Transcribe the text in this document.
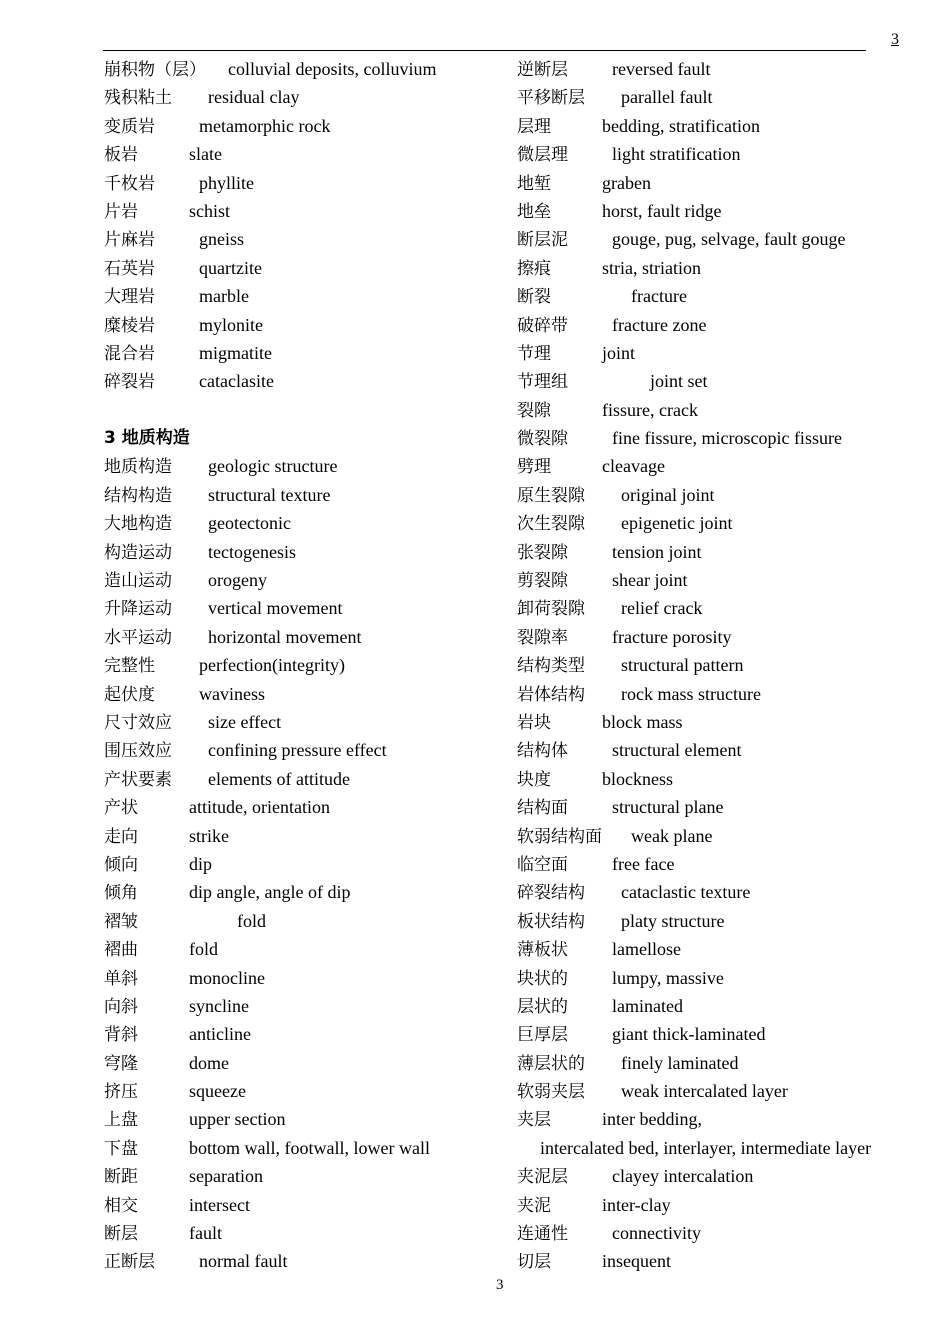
3
崩积物（层） colluvial deposits, colluvium
残积粘土 residual clay
变质岩 metamorphic rock
板岩	slate
千枚岩 phyllite
片岩	schist
片麻岩 gneiss
石英岩 quartzite
大理岩 marble
糜棱岩 mylonite
混合岩 migmatite
碎裂岩 cataclasite
3 地质构造
地质构造 geologic structure
结构构造 structural texture
大地构造 geotectonic
构造运动 tectogenesis
造山运动 orogeny
升降运动 vertical movement
水平运动 horizontal movement
完整性 perfection(integrity)
起伏度 waviness
尺寸效应 size effect
围压效应 confining pressure effect
产状要素 elements of attitude
产状	attitude, orientation
走向	strike
倾向	dip
倾角	dip angle, angle of dip
褶皱	fold
褶曲	fold
单斜	monocline
向斜	syncline
背斜	anticline
穹隆	dome
挤压	squeeze
上盘	upper section
下盘	bottom wall, footwall, lower wall
断距	separation
相交	intersect
断层	fault
正断层 normal fault
逆断层 reversed fault
平移断层 parallel fault
层理	bedding, stratification
微层理 light stratification
地堑	graben
地垒	horst, fault ridge
断层泥 gouge, pug, selvage, fault gouge
擦痕	stria, striation
断裂	fracture
破碎带 fracture zone
节理	joint
节理组	joint set
裂隙	fissure, crack
微裂隙 fine fissure, microscopic fissure
劈理	cleavage
原生裂隙 original joint
次生裂隙 epigenetic joint
张裂隙 tension joint
剪裂隙 shear joint
卸荷裂隙 relief crack
裂隙率 fracture porosity
结构类型 structural pattern
岩体结构 rock mass structure
岩块	block mass
结构体 structural element
块度	blockness
结构面 structural plane
软弱结构面 weak plane
临空面 free face
碎裂结构 cataclastic texture
板状结构 platy structure
薄板状 lamellose
块状的 lumpy, massive
层状的 laminated
巨厚层 giant thick-laminated
薄层状的 finely laminated
软弱夹层 weak intercalated layer
夹层	inter bedding,
intercalated bed, interlayer, intermediate layer
夹泥层 clayey intercalation
夹泥	inter-clay
连通性 connectivity
切层	insequent
3
